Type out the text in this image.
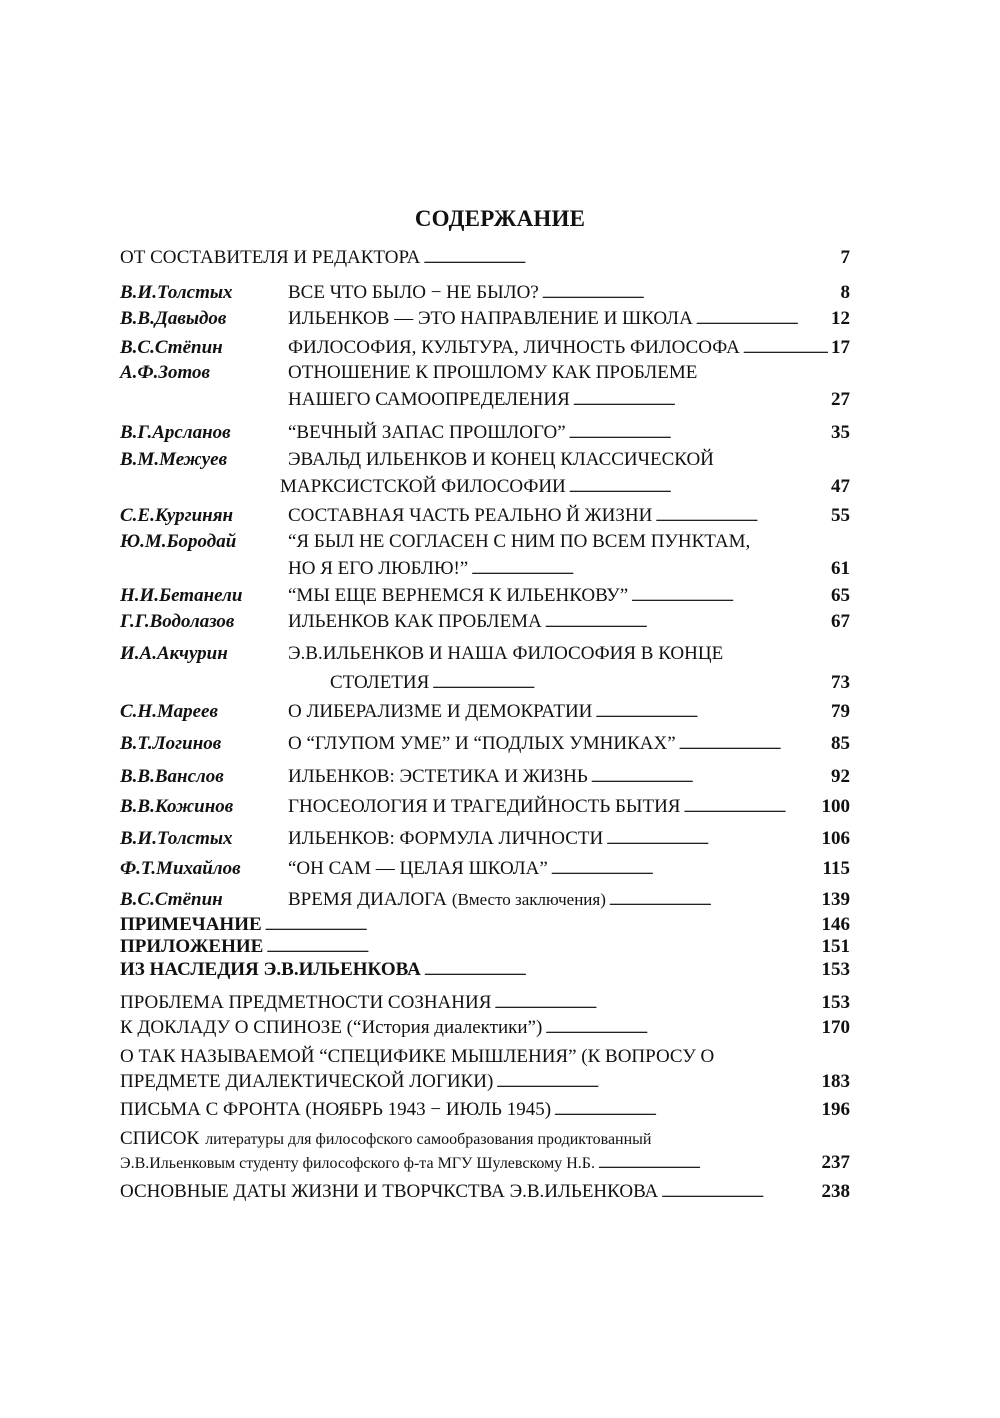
СОДЕРЖАНИЕ
ОТ СОСТАВИТЕЛЯ И РЕДАКТОРА . . .	7
В.И.Толстых	ВСЕ ЧТО БЫЛО − НЕ БЫЛО? . . .	8
В.В.Давыдов	ИЛЬЕНКОВ — ЭТО НАПРАВЛЕНИЕ И ШКОЛА . . .	12
В.С.Стёпин	ФИЛОСОФИЯ, КУЛЬТУРА, ЛИЧНОСТЬ ФИЛОСОФА . . .	17
А.Ф.Зотов	ОТНОШЕНИЕ К ПРОШЛОМУ КАК ПРОБЛЕМЕ
НАШЕГО САМООПРЕДЕЛЕНИЯ . . .	27
В.Г.Арсланов	“ВЕЧНЫЙ ЗАПАС ПРОШЛОГО” . . .	35
В.М.Межуев	ЭВАЛЬД ИЛЬЕНКОВ И КОНЕЦ КЛАССИЧЕСКОЙ
МАРКСИСТСКОЙ ФИЛОСОФИИ . . .	47
С.Е.Кургинян	СОСТАВНАЯ ЧАСТЬ РЕАЛЬНО Й ЖИЗНИ . . .	55
Ю.М.Бородай	“Я БЫЛ НЕ СОГЛАСЕН С НИМ ПО ВСЕМ ПУНКТАМ,
НО Я ЕГО ЛЮБЛЮ!” . . .	61
Н.И.Бетанели “МЫ ЕЩЕ ВЕРНЕМСЯ К ИЛЬЕНКОВУ” . . .	65
Г.Г.Водолазов	ИЛЬЕНКОВ КАК ПРОБЛЕМА . . .	67
И.А.Акчурин	Э.В.ИЛЬЕНКОВ И НАША ФИЛОСОФИЯ В КОНЦЕ
СТОЛЕТИЯ . . .	73
С.Н.Мареев	О ЛИБЕРАЛИЗМЕ И ДЕМОКРАТИИ . . .	79
В.Т.Логинов	О “ГЛУПОМ УМЕ” И “ПОДЛЫХ УМНИКАХ” . . .	85
В.В.Ванслов	ИЛЬЕНКОВ: ЭСТЕТИКА И ЖИЗНЬ . . .	92
В.В.Кожинов	ГНОСЕОЛОГИЯ И ТРАГЕДИЙНОСТЬ БЫТИЯ . . .	100
В.И.Толстых	ИЛЬЕНКОВ: ФОРМУЛА ЛИЧНОСТИ . . .	106
Ф.Т.Михайлов “ОН САМ — ЦЕЛАЯ ШКОЛА” . . .	115
В.С.Стёпин	ВРЕМЯ ДИАЛОГА (Вместо заключения) . . .	139
ПРИМЕЧАНИЕ . . .	146
ПРИЛОЖЕНИЕ . . .	151
ИЗ НАСЛЕДИЯ Э.В.ИЛЬЕНКОВА . . .	153
ПРОБЛЕМА ПРЕДМЕТНОСТИ СОЗНАНИЯ . . .	153
К ДОКЛАДУ О СПИНОЗЕ (“История диалектики”) . . .	170
О ТАК НАЗЫВАЕМОЙ “СПЕЦИФИКЕ МЫШЛЕНИЯ” (К ВОПРОСУ О
ПРЕДМЕТЕ ДИАЛЕКТИЧЕСКОЙ ЛОГИКИ) . . .	183
ПИСЬМА С ФРОНТА (НОЯБРЬ 1943 − ИЮЛЬ 1945) . . .	196
СПИСОК литературы для философского самообразования продиктованный
Э.В.Ильенковым студенту философского ф-та МГУ Шулевскому Н.Б. . . .	237
ОСНОВНЫЕ ДАТЫ ЖИЗНИ И ТВОРЧКСТВА Э.В.ИЛЬЕНКОВА . . .	238
